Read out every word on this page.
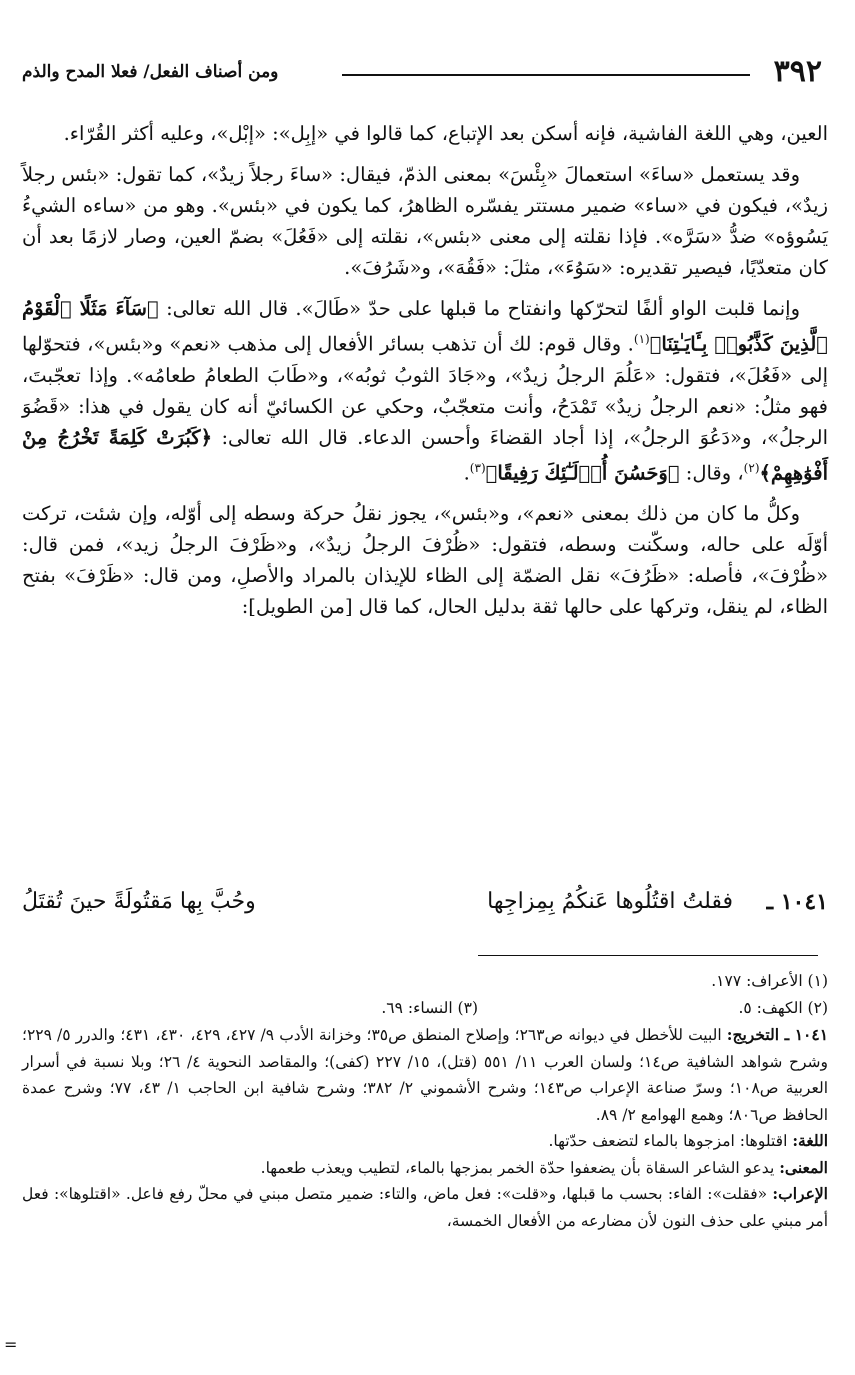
٣٩٢
ومن أصناف الفعل/ فعلا المدح والذم

العين، وهي اللغة الفاشية، فإنه أسكن بعد الإتباع، كما قالوا في «إبِل»: «إبْل»، وعليه أكثر القُرّاء.

وقد يستعمل «ساءَ» استعمالَ «بِئْسَ» بمعنى الذمّ، فيقال: «ساءَ رجلاً زيدٌ»، كما تقول: «بئس رجلاً زيدٌ»، فيكون في «ساء» ضمير مستتر يفسّره الظاهرُ، كما يكون في «بئس». وهو من «ساءه الشيءُ يَسُوؤه» ضدُّ «سَرَّه». فإذا نقلته إلى معنى «بئس»، نقلته إلى «فَعُلَ» بضمّ العين، وصار لازمًا بعد أن كان متعدّيًا، فيصير تقديره: «سَوُءَ»، مثلَ: «فَقُهَ»، و«شَرُفَ».

وإنما قلبت الواو ألفًا لتحرّكها وانفتاح ما قبلها على حدّ «طَالَ». قال الله تعالى: ﴿سَآءَ مَثَلًا ٱلْقَوْمُ ٱلَّذِينَ كَذَّبُوا۟ بِـَٔايَـٰتِنَا﴾$^{(١)}$. وقال قوم: لك أن تذهب بسائر الأفعال إلى مذهب «نعم» و«بئس»، فتحوّلها إلى «فَعُلَ»، فتقول: «عَلُمَ الرجلُ زيدٌ»، و«جَادَ الثوبُ ثوبُه»، و«طَابَ الطعامُ طعامُه». وإذا تعجّبتَ، فهو مثلُ: «نعم الرجلُ زيدٌ» تَمْدَحُ، وأنت متعجّبٌ، وحكي عن الكسائيّ أنه كان يقول في هذا: «قَضُوَ الرجلُ»، و«دَعُوَ الرجلُ»، إذا أجاد القضاءَ وأحسن الدعاء. قال الله تعالى: ﴿كَبُرَتْ كَلِمَةً تَخْرُجُ مِنْ أَفْوَٰهِهِمْ﴾$^{(٢)}$، وقال: ﴿وَحَسُنَ أُو۟لَـٰٓئِكَ رَفِيقًا﴾$^{(٣)}$.

وكلُّ ما كان من ذلك بمعنى «نعم»، و«بئس»، يجوز نقلُ حركة وسطه إلى أوّله، وإن شئت، تركت أوّلَه على حاله، وسكّنت وسطه، فتقول: «ظُرْفَ الرجلُ زيدٌ»، و«ظَرْفَ الرجلُ زيد»، فمن قال: «ظُرْفَ»، فأصله: «ظَرُفَ» نقل الضمّة إلى الظاء للإيذان بالمراد والأصلِ، ومن قال: «ظَرْفَ» بفتح الظاء، لم ينقل، وتركها على حالها ثقة بدليل الحال، كما قال [من الطويل]:

١٠٤١ ـ
فقلتُ اقتُلُوها عَنكُمُ بِمِزاجِها
وحُبَّ بِها مَقتُولَةً حينَ تُقتَلُ
(١) الأعراف: ١٧٧.
(٢) الكهف: ٥.
(٣) النساء: ٦٩.

١٠٤١ ـ التخريج: البيت للأخطل في ديوانه ص٢٦٣؛ وإصلاح المنطق ص٣٥؛ وخزانة الأدب ٩/ ٤٢٧، ٤٢٩، ٤٣٠، ٤٣١؛ والدرر ٥/ ٢٢٩؛ وشرح شواهد الشافية ص١٤؛ ولسان العرب ١١/ ٥٥١ (قتل)، ١٥/ ٢٢٧ (كفى)؛ والمقاصد النحوية ٤/ ٢٦؛ وبلا نسبة في أسرار العربية ص١٠٨؛ وسرّ صناعة الإعراب ص١٤٣؛ وشرح الأشموني ٢/ ٣٨٢؛ وشرح شافية ابن الحاجب ١/ ٤٣، ٧٧؛ وشرح عمدة الحافظ ص٨٠٦؛ وهمع الهوامع ٢/ ٨٩.

اللغة: اقتلوها: امزجوها بالماء لتضعف حدّتها.

المعنى: يدعو الشاعر السقاة بأن يضعفوا حدّة الخمر بمزجها بالماء، لتطيب ويعذب طعمها.

الإعراب: «فقلت»: الفاء: بحسب ما قبلها، و«قلت»: فعل ماض، والتاء: ضمير متصل مبني في محلّ رفع فاعل. «اقتلوها»: فعل أمر مبني على حذف النون لأن مضارعه من الأفعال الخمسة،

=
